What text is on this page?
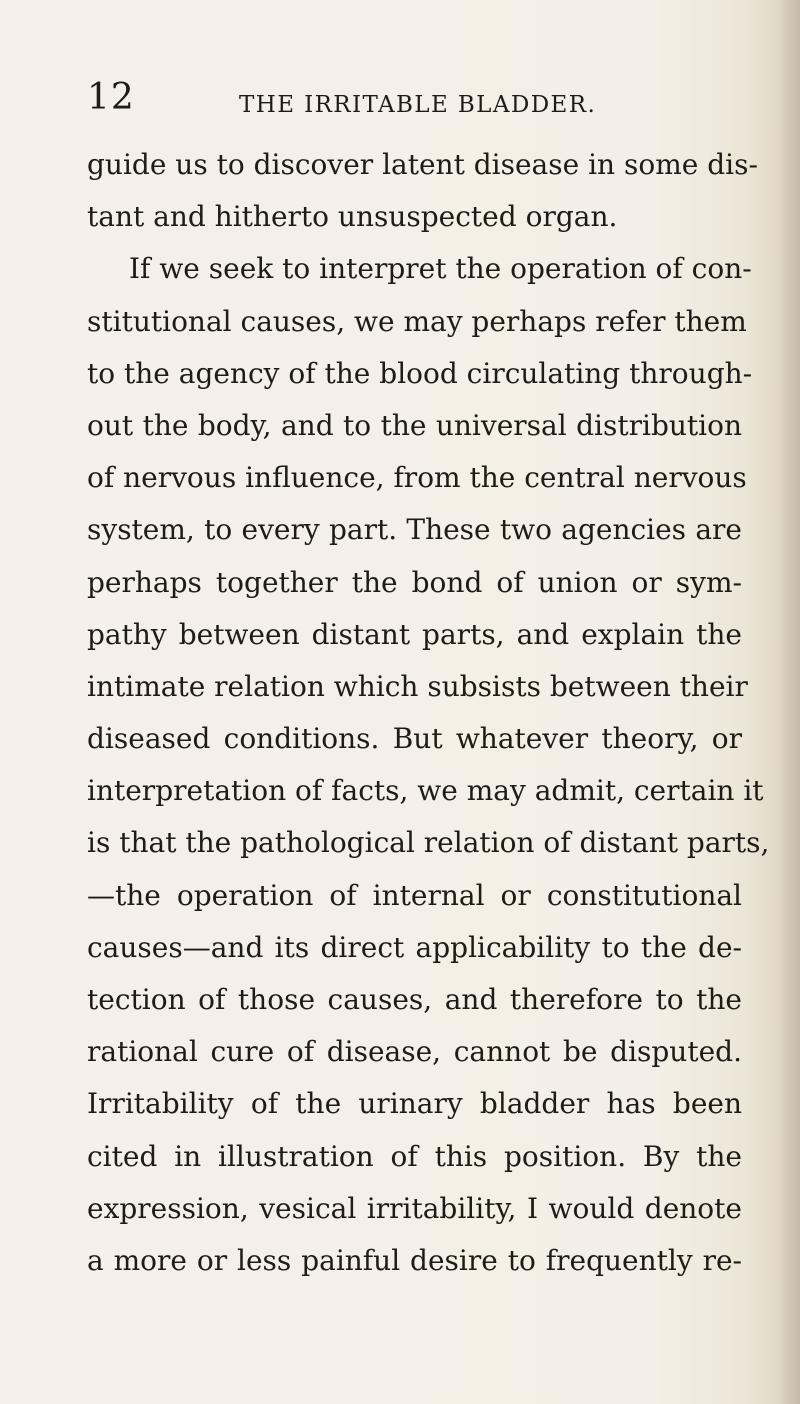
12	THE IRRITABLE BLADDER.
guide us to discover latent disease in some dis-
tant and hitherto unsuspected organ.
If we seek to interpret the operation of con-
stitutional causes, we may perhaps refer them
to the agency of the blood circulating through-
out the body, and to the universal distribution
of nervous influence, from the central nervous
system, to every part. These two agencies are
perhaps together the bond of union or sym-
pathy between distant parts, and explain the
intimate relation which subsists between their
diseased conditions. But whatever theory, or
interpretation of facts, we may admit, certain it
is that the pathological relation of distant parts,
—the operation of internal or constitutional
causes—and its direct applicability to the de-
tection of those causes, and therefore to the
rational cure of disease, cannot be disputed.
Irritability of the urinary bladder has been
cited in illustration of this position. By the
expression, vesical irritability, I would denote
a more or less painful desire to frequently re-
